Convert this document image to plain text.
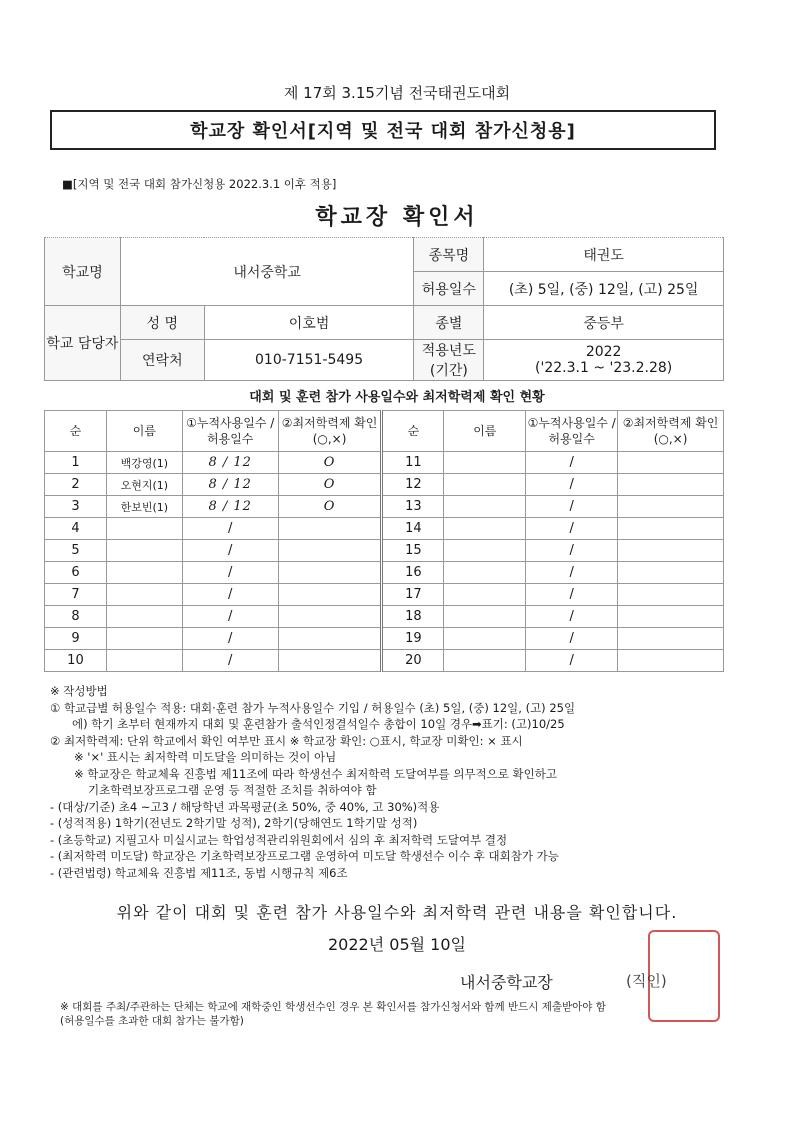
제 17회 3.15기념 전국태권도대회
학교장 확인서[지역 및 전국 대회 참가신청용]
■[지역 및 전국 대회 참가신청용 2022.3.1 이후 적용]
학교장 확인서
학교명	내서중학교		종목명	태권도
			허용일수	(초) 5일, (중) 12일, (고) 25일
학교 담당자	성 명	이호범	종별	중등부
	연락처	010-7151-5495	적용년도 (기간)	2022
('22.3.1 ~ '23.2.28)
대회 및 훈련 참가 사용일수와 최저학력제 확인 현황
순	이름	①누적사용일수 /허용일수	②최저학력제 확인(○,×)	순	이름	①누적사용일수 /허용일수	②최저학력제 확인(○,×)
1	백강영(1)	8 / 12	O	11		/	
2	오현지(1)	8 / 12	O	12		/	
3	한보빈(1)	8 / 12	O	13		/	
4		/		14		/	
5		/		15		/	
6		/		16		/	
7		/		17		/	
8		/		18		/	
9		/		19		/	
10		/		20		/	
※ 작성방법
① 학교급별 허용일수 적용: 대회·훈련 참가 누적사용일수 기입 / 허용일수 (초) 5일, (중) 12일, (고) 25일
에) 학기 초부터 현재까지 대회 및 훈련참가 출석인정결석일수 총합이 10일 경우➡표기: (고)10/25
② 최저학력제: 단위 학교에서 확인 여부만 표시 ※ 학교장 확인: ○표시, 학교장 미확인: × 표시
※ '×' 표시는 최저학력 미도달을 의미하는 것이 아님
※ 학교장은 학교체육 진흥법 제11조에 따라 학생선수 최저학력 도달여부를 의무적으로 확인하고
기초학력보장프로그램 운영 등 적절한 조치를 취하여야 함
- (대상/기준) 초4 ~고3 / 해당학년 과목평균(초 50%, 중 40%, 고 30%)적용
- (성적적용) 1학기(전년도 2학기말 성적), 2학기(당해연도 1학기말 성적)
- (초등학교) 지필고사 미실시교는 학업성적관리위원회에서 심의 후 최저학력 도달여부 결정
- (최저학력 미도달) 학교장은 기초학력보장프로그램 운영하여 미도달 학생선수 이수 후 대회참가 가능
- (관련법령) 학교체육 진흥법 제11조, 동법 시행규칙 제6조
위와 같이 대회 및 훈련 참가 사용일수와 최저학력 관련 내용을 확인합니다.
2022년 05월 10일
내서중학교장	(직인)
※ 대회를 주최/주관하는 단체는 학교에 재학중인 학생선수인 경우 본 확인서를 참가신청서와 함께 반드시 제출받아야 함
(허용일수를 초과한 대회 참가는 불가함)
